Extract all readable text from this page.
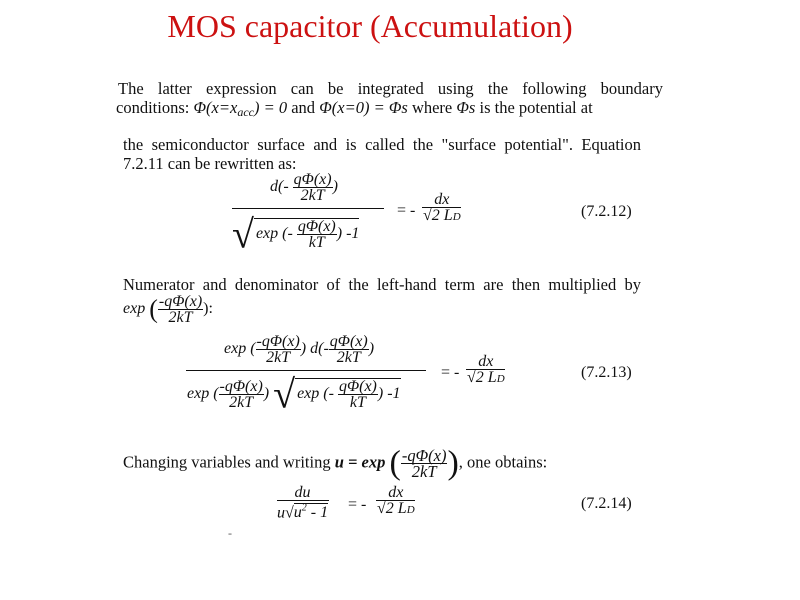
MOS capacitor (Accumulation)
The latter expression can be integrated using the following boundary
conditions: Φ(x=xacc) = 0 and Φ(x=0) = Φs where Φs is the potential at
the semiconductor surface and is called the "surface potential". Equation
7.2.11 can be rewritten as:
$d(- \frac{q\Phi(x)}{2kT}$ )
√ exp (- $\frac{q\Phi(x)}{kT}$ ) -1
= - $\frac{dx}{√2 LD}$	(7.2.12)
Numerator and denominator of the left-hand term are then multiplied by
exp ( $\frac{-q\Phi(x)}{2kT}$ ):
exp ( $\frac{-q\Phi(x)}{2kT}$ ) $d(- \frac{q\Phi(x)}{2kT}$ )
exp ( $\frac{-q\Phi(x)}{2kT}$ ) √ exp (- $\frac{q\Phi(x)}{kT}$ ) -1
= - $\frac{dx}{√2 LD}$	(7.2.13)
Changing variables and writing u = exp ( $\frac{-q\Phi(x)}{2kT}$ ), one obtains:
$\frac{du}{u√u^2 - 1}$ = - $\frac{dx}{√2 LD}$	(7.2.14)
-
